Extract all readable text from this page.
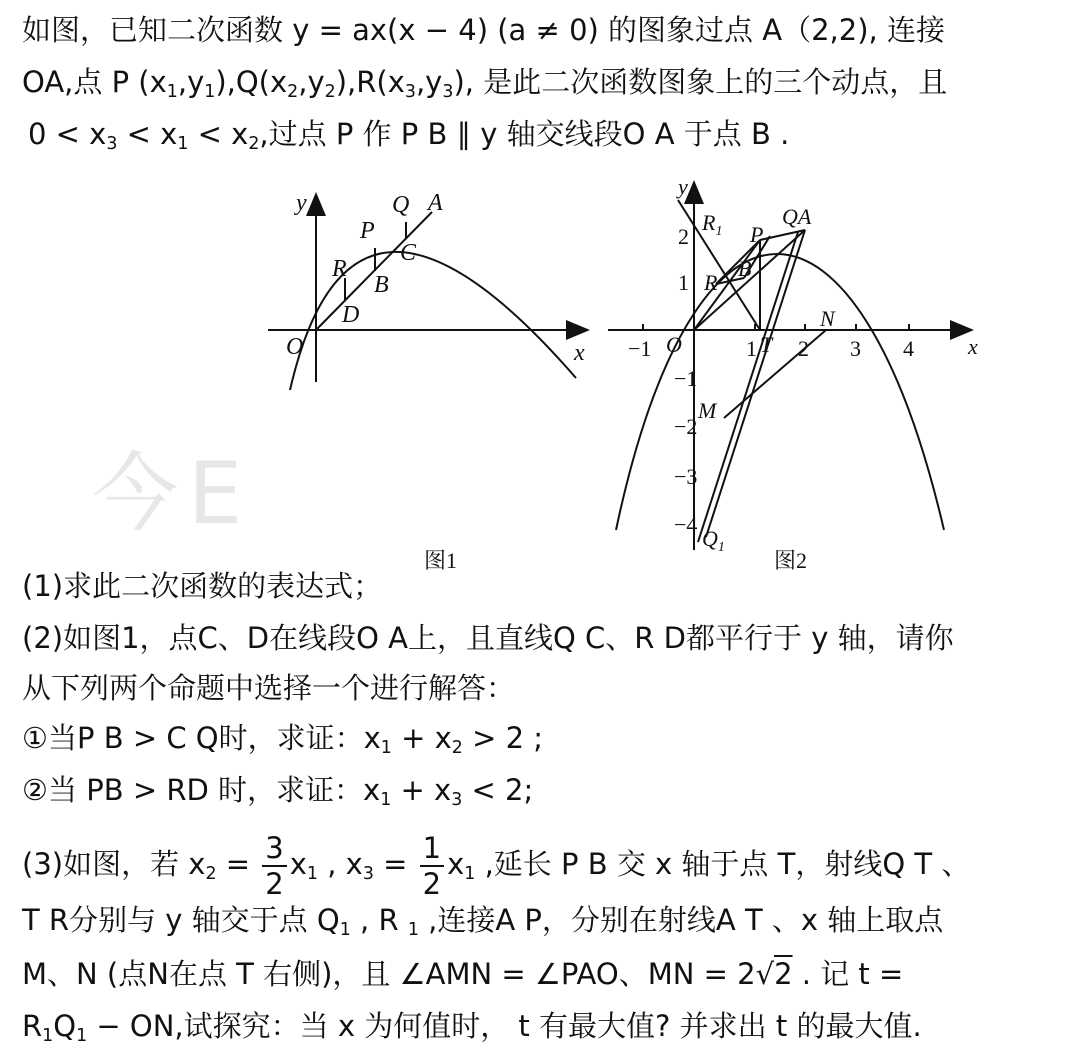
如图，已知二次函数 y = ax(x − 4) (a ≠ 0) 的图象过点 A（2,2), 连接
OA,点 P $(x_1,y_1),Q(x_2,y_2),R(x_3,y_3)$, 是此二次函数图象上的三个动点，且
$0 < x_3 < x_1 < x_2$,过点 P 作 P B ∥ y 轴交线段O A 于点 B .
今E
y
x
O
A
Q
P
C
R
B
D
图1
y
x
O
QA
P
$R_1$
B
R
T
N
M
$Q_1$
−1	1 2 3 4
2
1
−1
−2
−3
−4
图2
(1)求此二次函数的表达式；
(2)如图1，点C、D在线段O A上，且直线Q C、R D都平行于 y 轴，请你
从下列两个命题中选择一个进行解答：
①当P B > C Q时，求证：$x_1 + x_2 > 2$ ;
②当 PB > RD 时，求证：$x_1 + x_3 < 2$;
(3)如图，若 $x_2 = \frac{3}{2} x_1$ , $x_3 = \frac{1}{2} x_1$ ,延长 P B 交 x 轴于点 T，射线Q T 、
T R分别与 y 轴交于点 $Q_1$ , R $_1$ ,连接A P，分别在射线A T 、x 轴上取点
M、N (点N在点 T 右侧)，且 ∠AMN = ∠PAO、MN = 2√2 . 记 t =
$R_1Q_1$ − ON,试探究：当 x 为何值时， t 有最大值? 并求出 t 的最大值.
